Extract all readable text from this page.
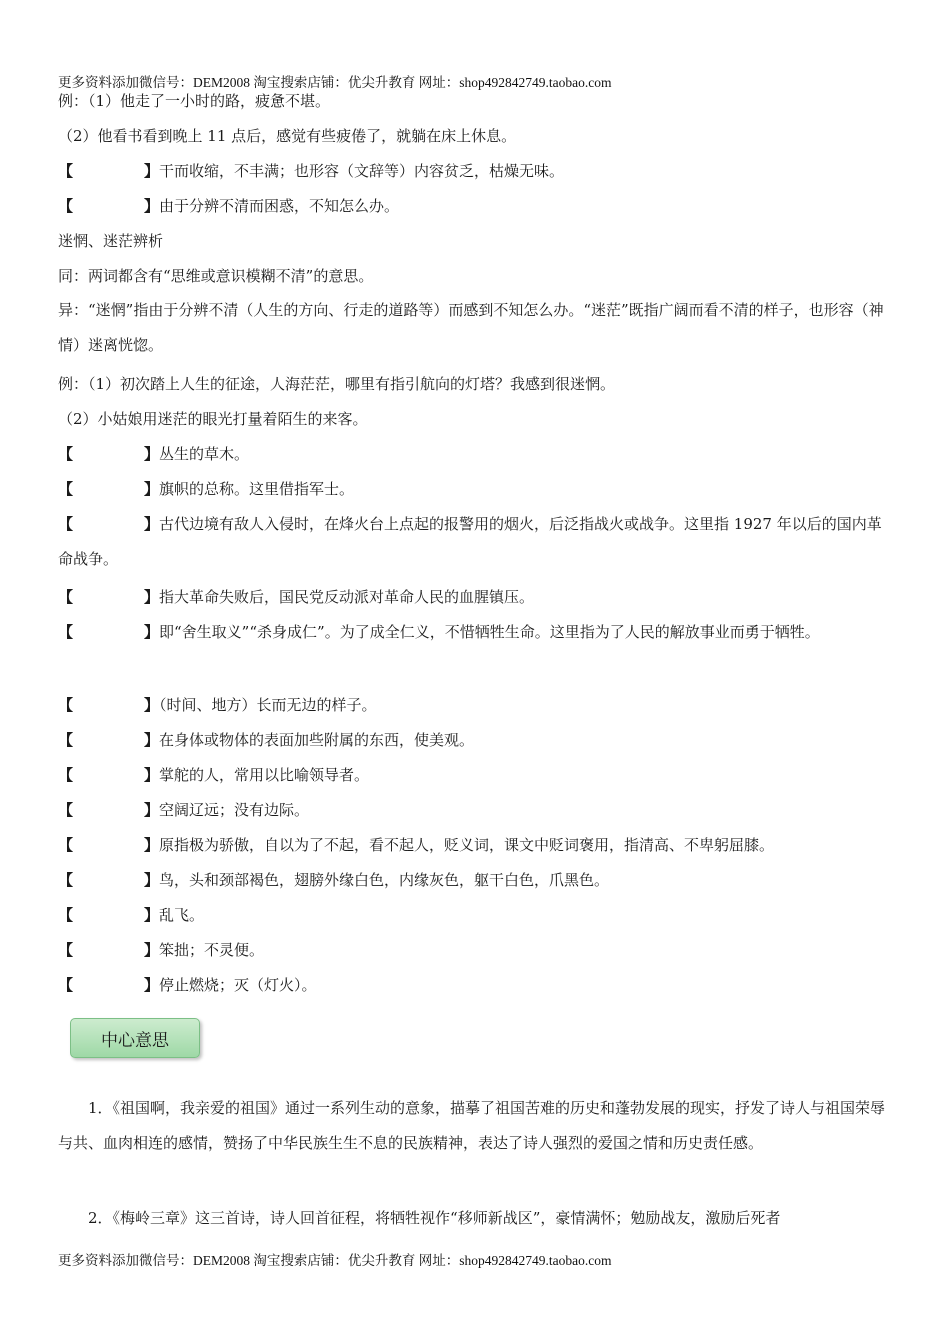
更多资料添加微信号：DEM2008 淘宝搜索店铺：优尖升教育 网址：shop492842749.taobao.com
例：（1）他走了一小时的路，疲惫不堪。
（2）他看书看到晚上 11 点后，感觉有些疲倦了，就躺在床上休息。
【	】干而收缩，不丰满；也形容（文辞等）内容贫乏，枯燥无味。
【	】由于分辨不清而困惑，不知怎么办。
迷惘、迷茫辨析
同：两词都含有“思维或意识模糊不清”的意思。
异：“迷惘”指由于分辨不清（人生的方向、行走的道路等）而感到不知怎么办。“迷茫”既指广阔而看不清的样子，也形容（神情）迷离恍惚。
例：（1）初次踏上人生的征途，人海茫茫，哪里有指引航向的灯塔？我感到很迷惘。
（2）小姑娘用迷茫的眼光打量着陌生的来客。
【	】丛生的草木。
【	】旗帜的总称。这里借指军士。
【	】古代边境有敌人入侵时，在烽火台上点起的报警用的烟火，后泛指战火或战争。这里指 1927 年以后的国内革命战争。
【	】指大革命失败后，国民党反动派对革命人民的血腥镇压。
【	】即“舍生取义”“杀身成仁”。为了成全仁义，不惜牺牲生命。这里指为了人民的解放事业而勇于牺牲。
【	】（时间、地方）长而无边的样子。
【	】在身体或物体的表面加些附属的东西，使美观。
【	】掌舵的人，常用以比喻领导者。
【	】空阔辽远；没有边际。
【	】原指极为骄傲，自以为了不起，看不起人，贬义词，课文中贬词褒用，指清高、不卑躬屈膝。
【	】鸟，头和颈部褐色，翅膀外缘白色，内缘灰色，躯干白色，爪黑色。
【	】乱飞。
【	】笨拙；不灵便。
【	】停止燃烧；灭（灯火）。
中心意思
1．《祖国啊，我亲爱的祖国》通过一系列生动的意象，描摹了祖国苦难的历史和蓬勃发展的现实，抒发了诗人与祖国荣辱与共、血肉相连的感情，赞扬了中华民族生生不息的民族精神，表达了诗人强烈的爱国之情和历史责任感。
2．《梅岭三章》这三首诗，诗人回首征程，将牺牲视作“移师新战区”，豪情满怀；勉励战友，激励后死者
更多资料添加微信号：DEM2008 淘宝搜索店铺：优尖升教育 网址：shop492842749.taobao.com
